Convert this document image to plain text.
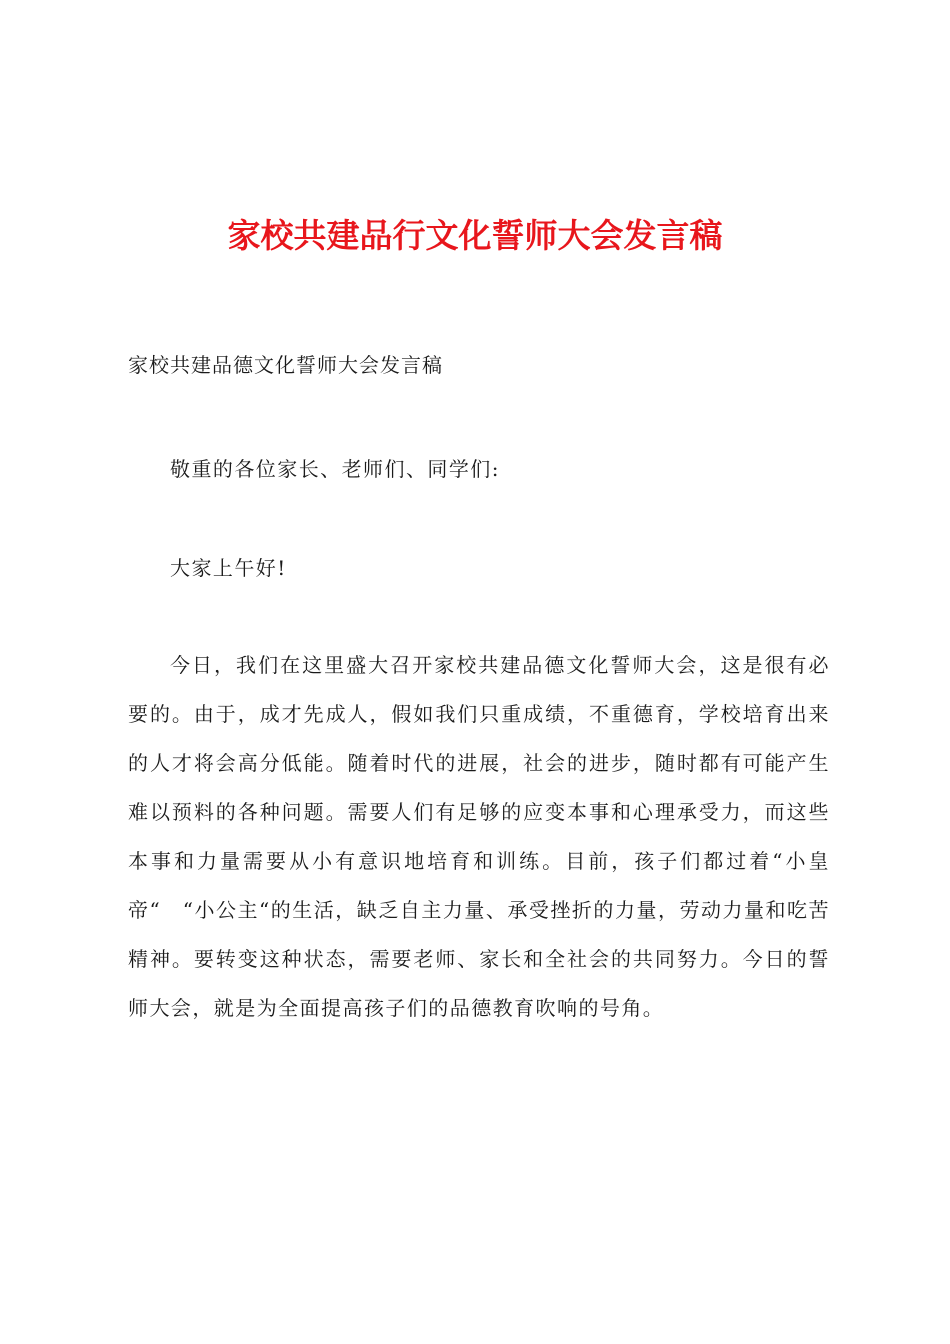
家校共建品行文化誓师大会发言稿
家校共建品德文化誓师大会发言稿

敬重的各位家长、老师们、同学们:

大家上午好!

今日，我们在这里盛大召开家校共建品德文化誓师大会，这是很有必要的。由于，成才先成人，假如我们只重成绩，不重德育，学校培育出来的人才将会高分低能。随着时代的进展，社会的进步，随时都有可能产生难以预料的各种问题。需要人们有足够的应变本事和心理承受力，而这些本事和力量需要从小有意识地培育和训练。目前，孩子们都过着“小皇帝“　“小公主“的生活，缺乏自主力量、承受挫折的力量，劳动力量和吃苦精神。要转变这种状态，需要老师、家长和全社会的共同努力。今日的誓师大会，就是为全面提高孩子们的品德教育吹响的号角。
